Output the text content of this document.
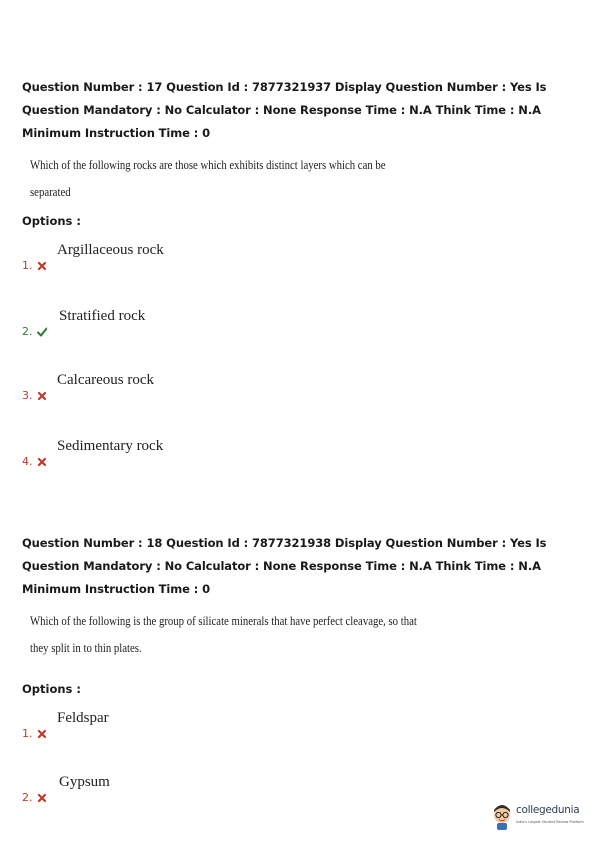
Question Number : 17 Question Id : 7877321937 Display Question Number : Yes Is Question Mandatory : No Calculator : None Response Time : N.A Think Time : N.A Minimum Instruction Time : 0
Which of the following rocks are those which exhibits distinct layers which can be separated
Options :
1.
Argillaceous rock
2.
Stratified rock
3.
Calcareous rock
4.
Sedimentary rock
Question Number : 18 Question Id : 7877321938 Display Question Number : Yes Is Question Mandatory : No Calculator : None Response Time : N.A Think Time : N.A Minimum Instruction Time : 0
Which of the following is the group of silicate minerals that have perfect cleavage, so that they split in to thin plates.
Options :
1.
Feldspar
2.
Gypsum
collegedunia
India's Largest Student Review Platform
